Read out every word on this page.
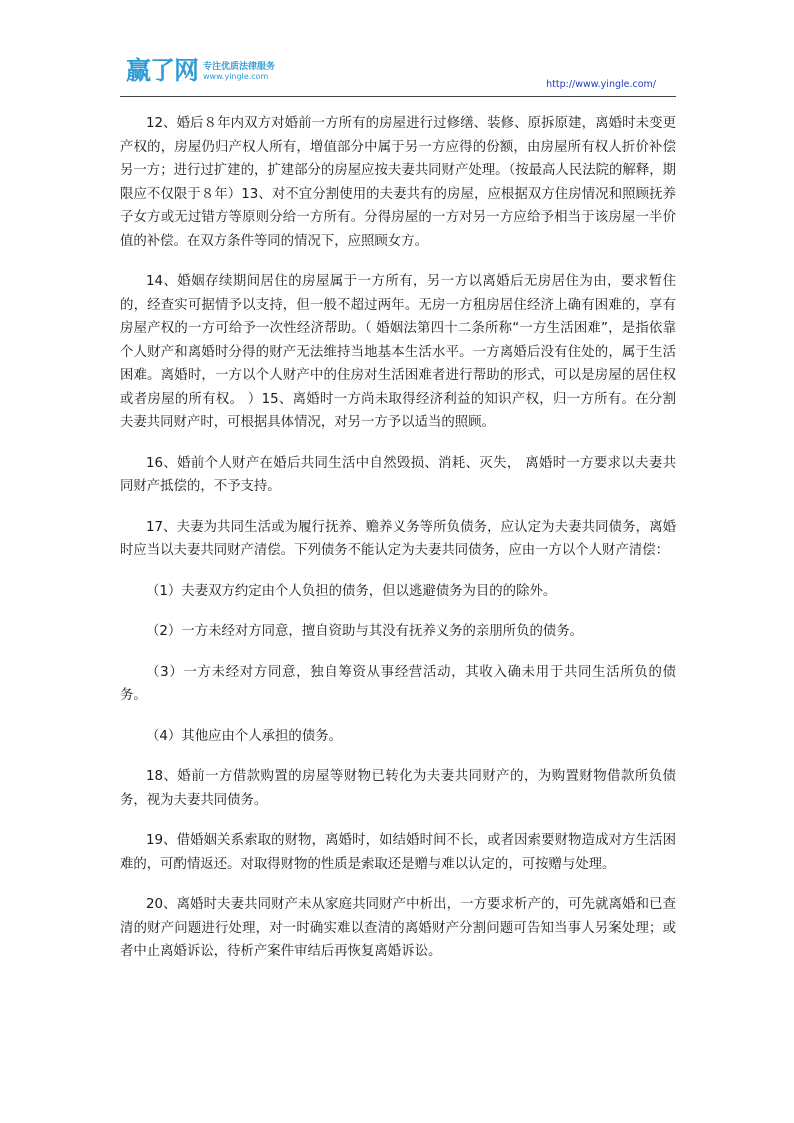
赢了网 专注优质法律服务
www.yingle.com
http://www.yingle.com/

12、婚后８年内双方对婚前一方所有的房屋进行过修缮、装修、原拆原建，离婚时未变更产权的，房屋仍归产权人所有，增值部分中属于另一方应得的份额，由房屋所有权人折价补偿另一方；进行过扩建的，扩建部分的房屋应按夫妻共同财产处理。（按最高人民法院的解释，期限应不仅限于８年）13、对不宜分割使用的夫妻共有的房屋，应根据双方住房情况和照顾抚养子女方或无过错方等原则分给一方所有。分得房屋的一方对另一方应给予相当于该房屋一半价值的补偿。在双方条件等同的情况下，应照顾女方。

14、婚姻存续期间居住的房屋属于一方所有，另一方以离婚后无房居住为由，要求暂住的，经查实可据情予以支持，但一般不超过两年。无房一方租房居住经济上确有困难的，享有房屋产权的一方可给予一次性经济帮助。（ 婚姻法第四十二条所称“一方生活困难”，是指依靠个人财产和离婚时分得的财产无法维持当地基本生活水平。一方离婚后没有住处的，属于生活困难。离婚时，一方以个人财产中的住房对生活困难者进行帮助的形式，可以是房屋的居住权或者房屋的所有权。 ）15、离婚时一方尚未取得经济利益的知识产权，归一方所有。在分割夫妻共同财产时，可根据具体情况，对另一方予以适当的照顾。

16、婚前个人财产在婚后共同生活中自然毁损、消耗、灭失， 离婚时一方要求以夫妻共同财产抵偿的，不予支持。

17、夫妻为共同生活或为履行抚养、赡养义务等所负债务，应认定为夫妻共同债务，离婚时应当以夫妻共同财产清偿。下列债务不能认定为夫妻共同债务，应由一方以个人财产清偿：

（1）夫妻双方约定由个人负担的债务，但以逃避债务为目的的除外。

（2）一方未经对方同意，擅自资助与其没有抚养义务的亲朋所负的债务。

（3）一方未经对方同意，独自筹资从事经营活动，其收入确未用于共同生活所负的债务。

（4）其他应由个人承担的债务。

18、婚前一方借款购置的房屋等财物已转化为夫妻共同财产的，为购置财物借款所负债务，视为夫妻共同债务。

19、借婚姻关系索取的财物，离婚时，如结婚时间不长，或者因索要财物造成对方生活困难的，可酌情返还。对取得财物的性质是索取还是赠与难以认定的，可按赠与处理。

20、离婚时夫妻共同财产未从家庭共同财产中析出，一方要求析产的，可先就离婚和已查清的财产问题进行处理，对一时确实难以查清的离婚财产分割问题可告知当事人另案处理；或者中止离婚诉讼，待析产案件审结后再恢复离婚诉讼。
